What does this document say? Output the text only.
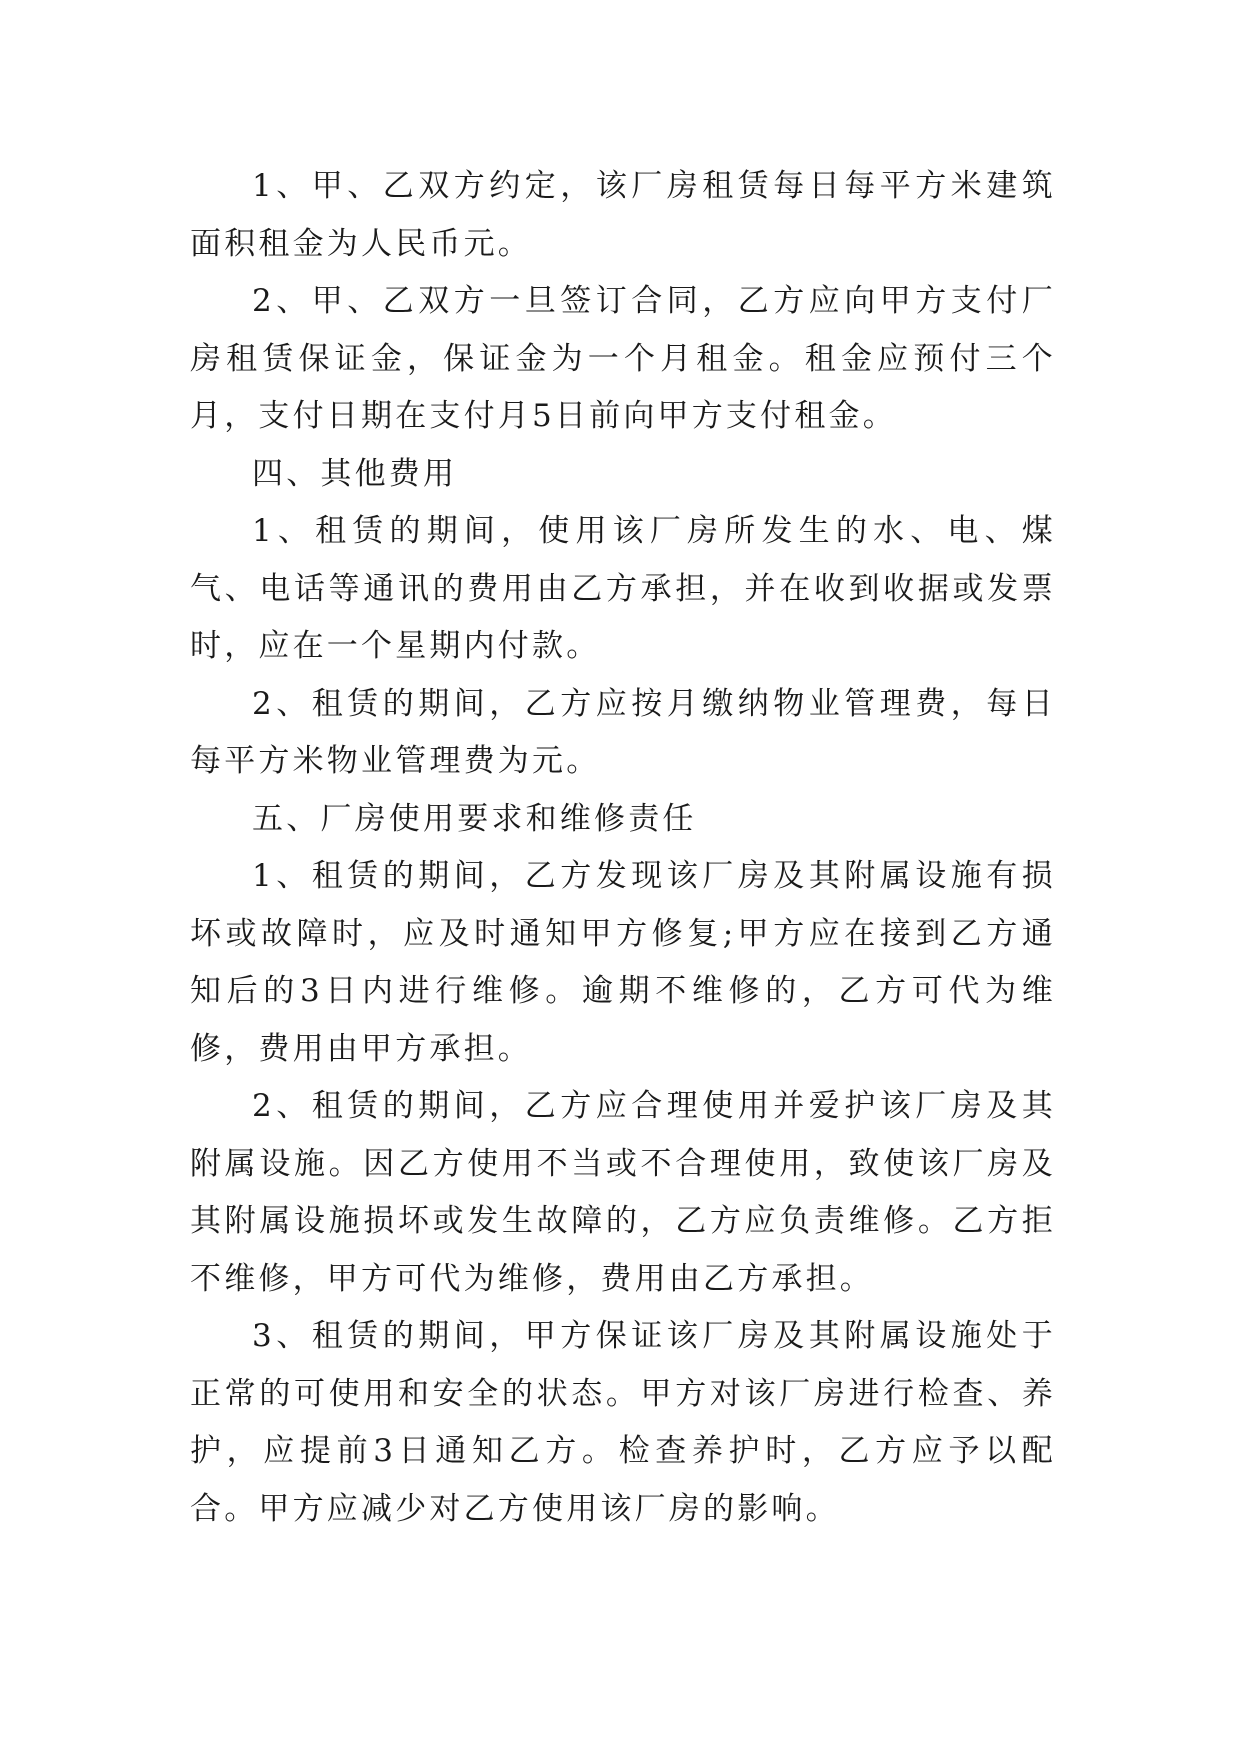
1、甲、乙双方约定，该厂房租赁每日每平方米建筑面积租金为人民币元。

2、甲、乙双方一旦签订合同，乙方应向甲方支付厂房租赁保证金，保证金为一个月租金。租金应预付三个月，支付日期在支付月5日前向甲方支付租金。

四、其他费用

1、租赁的期间，使用该厂房所发生的水、电、煤气、电话等通讯的费用由乙方承担，并在收到收据或发票时，应在一个星期内付款。

2、租赁的期间，乙方应按月缴纳物业管理费，每日每平方米物业管理费为元。

五、厂房使用要求和维修责任

1、租赁的期间，乙方发现该厂房及其附属设施有损坏或故障时，应及时通知甲方修复;甲方应在接到乙方通知后的3日内进行维修。逾期不维修的，乙方可代为维修，费用由甲方承担。

2、租赁的期间，乙方应合理使用并爱护该厂房及其附属设施。因乙方使用不当或不合理使用，致使该厂房及其附属设施损坏或发生故障的，乙方应负责维修。乙方拒不维修，甲方可代为维修，费用由乙方承担。

3、租赁的期间，甲方保证该厂房及其附属设施处于正常的可使用和安全的状态。甲方对该厂房进行检查、养护，应提前3日通知乙方。检查养护时，乙方应予以配合。甲方应减少对乙方使用该厂房的影响。
